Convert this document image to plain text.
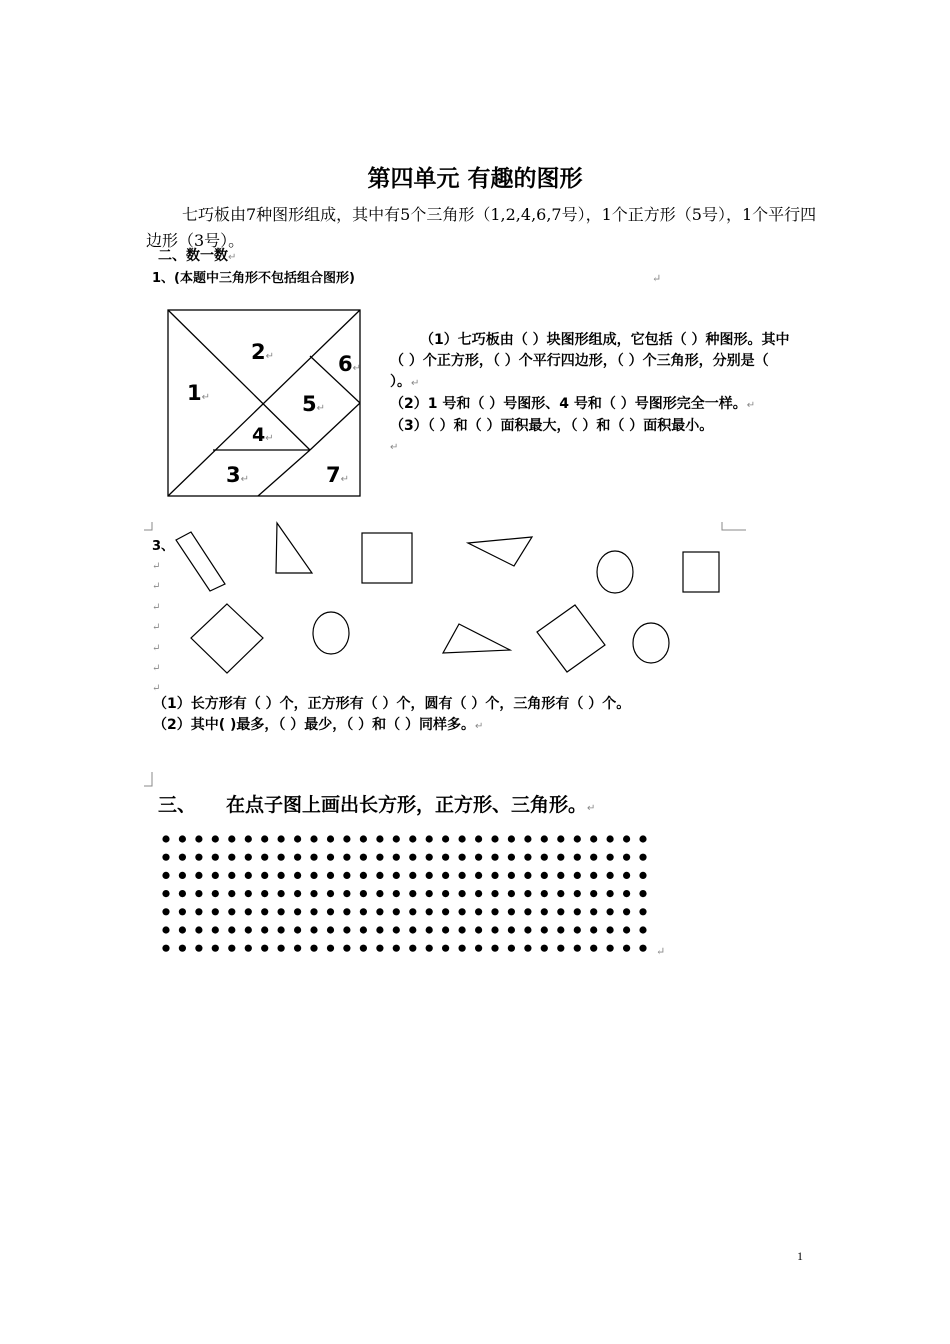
第四单元 有趣的图形
七巧板由7种图形组成，其中有5个三角形（1,2,4,6,7号），1个正方形（5号），1个平行四边形（3号）。
二、数一数↵
1、(本题中三角形不包括组合图形)	↵
1↵
2↵
3↵
4↵
5↵
6↵
7↵

（1）七巧板由（ ）块图形组成，它包括（ ）种图形。其中（ ）个正方形，（ ）个平行四边形，（ ）个三角形，分别是（ ）。↵

（2）1 号和（ ）号图形、4 号和（ ）号图形完全一样。↵

（3）（ ）和（ ）面积最大，（ ）和（ ）面积最小。

↵

3、
↵
↵
↵
↵
↵
↵
↵

（1）长方形有（ ）个，正方形有（ ）个，圆有（ ）个，三角形有（ ）个。

（2）其中( )最多，（ ）最少，（ ）和（ ）同样多。↵

三、 在点子图上画出长方形，正方形、三角形。↵
↵
1
